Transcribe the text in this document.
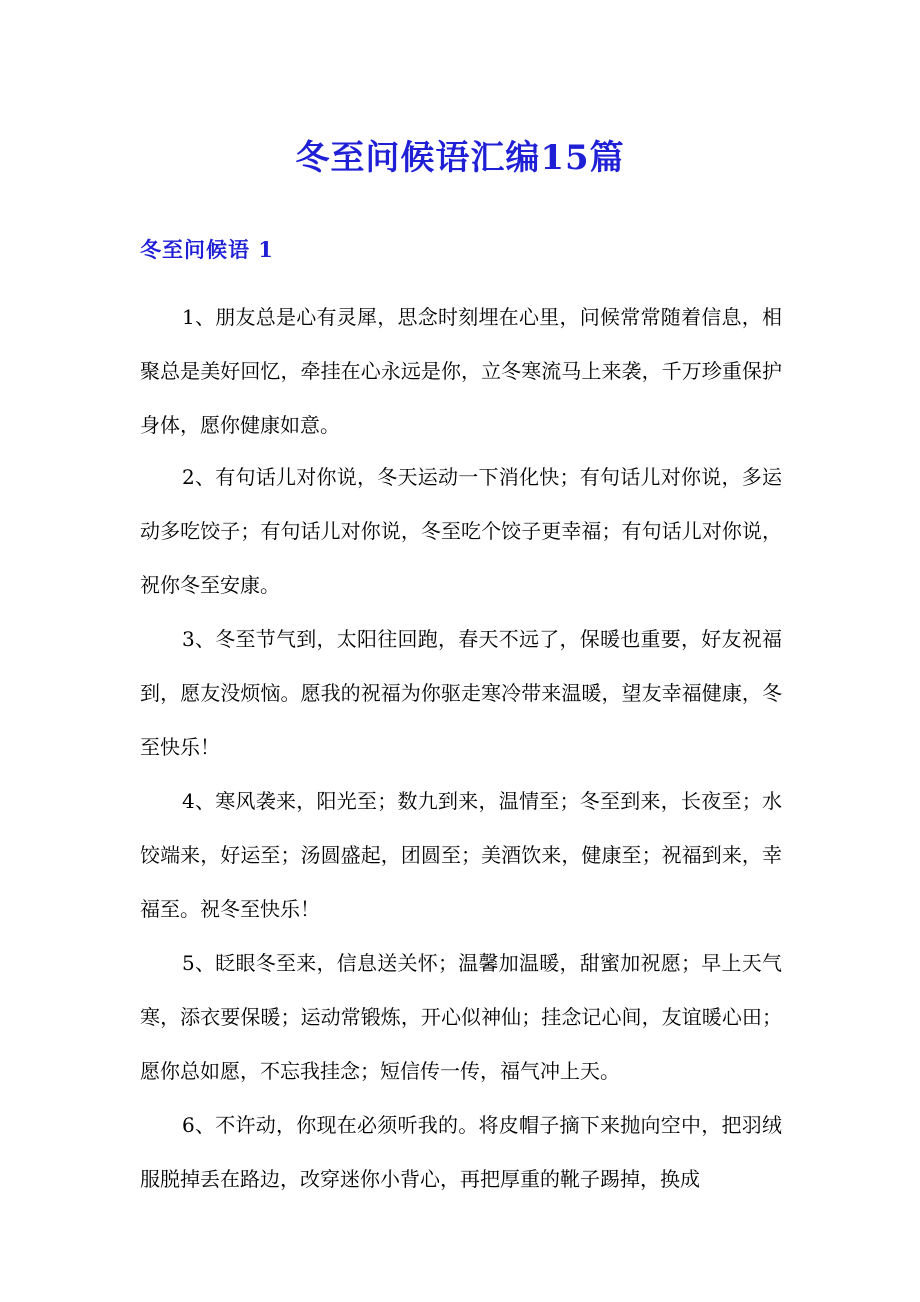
冬至问候语汇编15篇
冬至问候语 1

1、朋友总是心有灵犀，思念时刻埋在心里，问候常常随着信息，相聚总是美好回忆，牵挂在心永远是你，立冬寒流马上来袭，千万珍重保护身体，愿你健康如意。

2、有句话儿对你说，冬天运动一下消化快；有句话儿对你说，多运动多吃饺子；有句话儿对你说，冬至吃个饺子更幸福；有句话儿对你说，祝你冬至安康。

3、冬至节气到，太阳往回跑，春天不远了，保暖也重要，好友祝福到，愿友没烦恼。愿我的祝福为你驱走寒冷带来温暖，望友幸福健康，冬至快乐！

4、寒风袭来，阳光至；数九到来，温情至；冬至到来，长夜至；水饺端来，好运至；汤圆盛起，团圆至；美酒饮来，健康至；祝福到来，幸福至。祝冬至快乐！

5、眨眼冬至来，信息送关怀；温馨加温暖，甜蜜加祝愿；早上天气寒，添衣要保暖；运动常锻炼，开心似神仙；挂念记心间，友谊暖心田；愿你总如愿，不忘我挂念；短信传一传，福气冲上天。

6、不许动，你现在必须听我的。将皮帽子摘下来抛向空中，把羽绒服脱掉丢在路边，改穿迷你小背心，再把厚重的靴子踢掉，换成
